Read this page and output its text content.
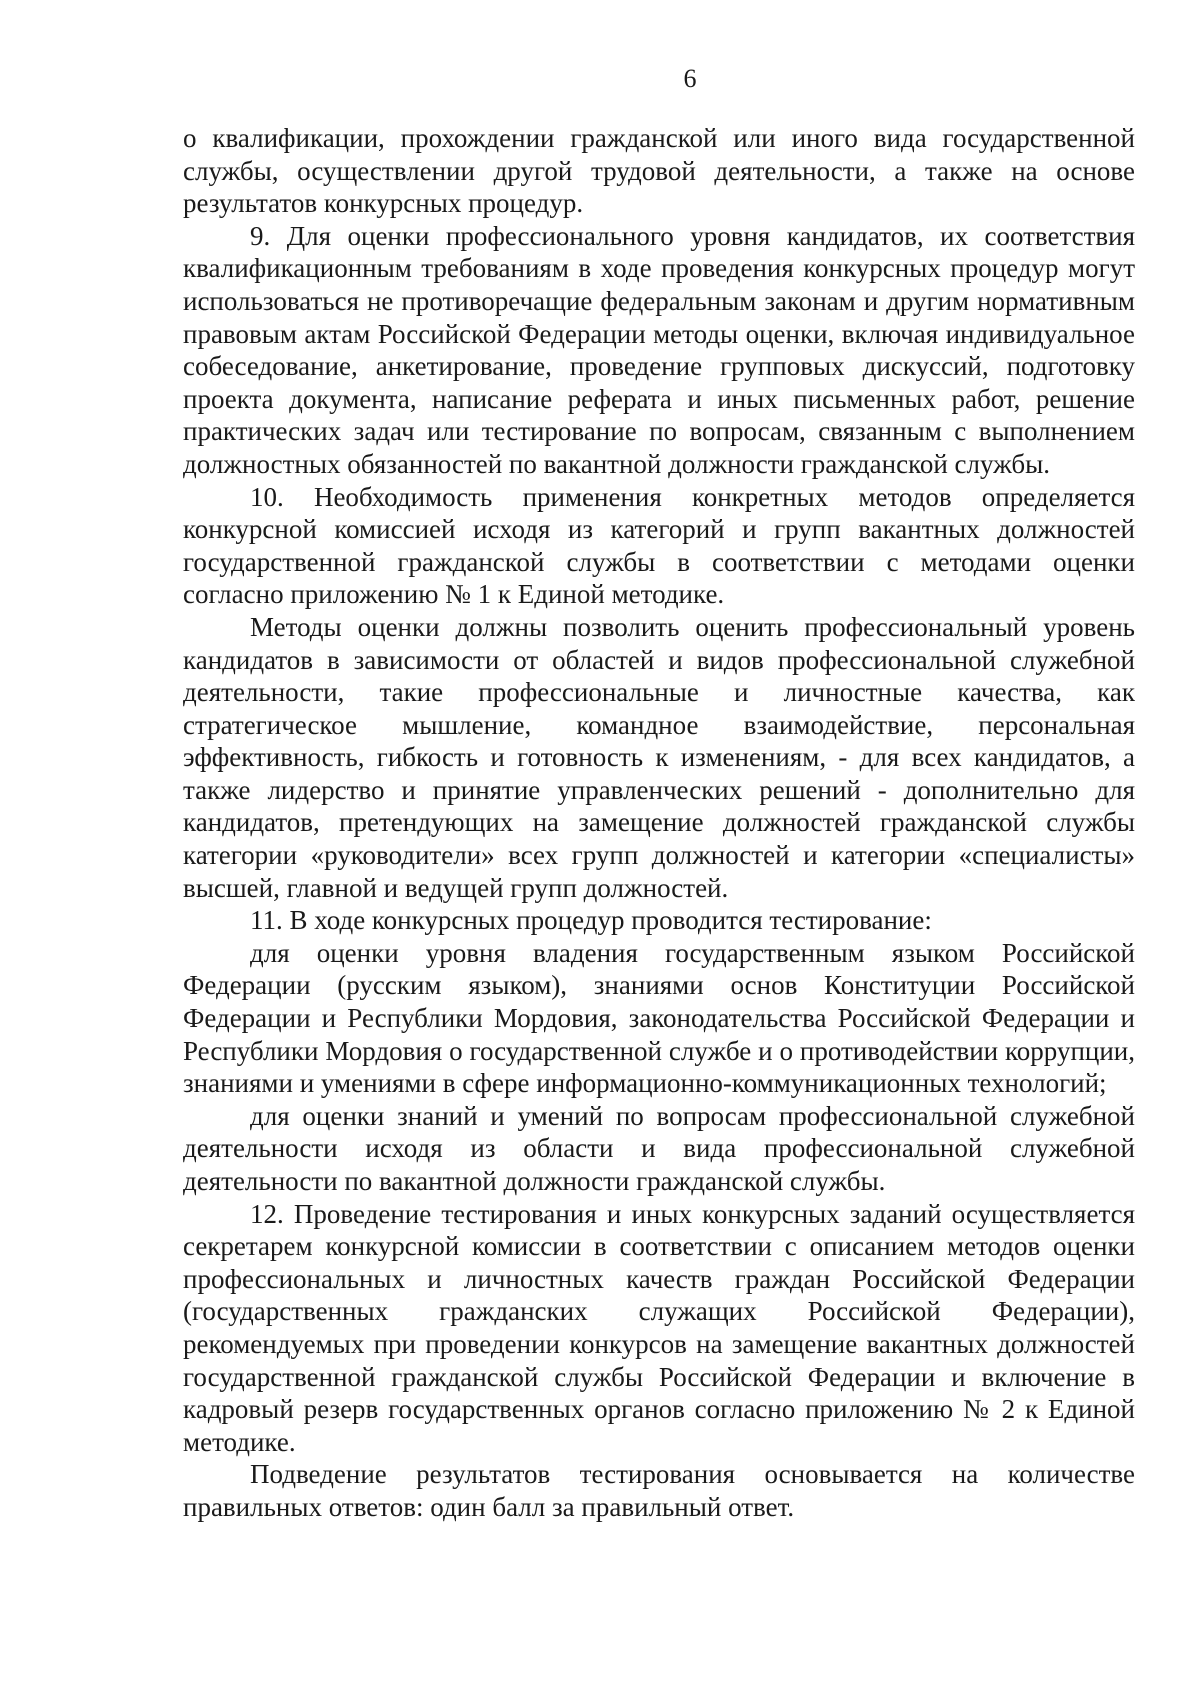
6

о квалификации, прохождении гражданской или иного вида государственной службы, осуществлении другой трудовой деятельности, а также на основе результатов конкурсных процедур.

9. Для оценки профессионального уровня кандидатов, их соответствия квалификационным требованиям в ходе проведения конкурсных процедур могут использоваться не противоречащие федеральным законам и другим нормативным правовым актам Российской Федерации методы оценки, включая индивидуальное собеседование, анкетирование, проведение групповых дискуссий, подготовку проекта документа, написание реферата и иных письменных работ, решение практических задач или тестирование по вопросам, связанным с выполнением должностных обязанностей по вакантной должности гражданской службы.

10. Необходимость применения конкретных методов определяется конкурсной комиссией исходя из категорий и групп вакантных должностей государственной гражданской службы в соответствии с методами оценки согласно приложению № 1 к Единой методике.

Методы оценки должны позволить оценить профессиональный уровень кандидатов в зависимости от областей и видов профессиональной служебной деятельности, такие профессиональные и личностные качества, как стратегическое мышление, командное взаимодействие, персональная эффективность, гибкость и готовность к изменениям, - для всех кандидатов, а также лидерство и принятие управленческих решений - дополнительно для кандидатов, претендующих на замещение должностей гражданской службы категории «руководители» всех групп должностей и категории «специалисты» высшей, главной и ведущей групп должностей.

11. В ходе конкурсных процедур проводится тестирование:

для оценки уровня владения государственным языком Российской Федерации (русским языком), знаниями основ Конституции Российской Федерации и Республики Мордовия, законодательства Российской Федерации и Республики Мордовия о государственной службе и о противодействии коррупции, знаниями и умениями в сфере информационно-коммуникационных технологий;

для оценки знаний и умений по вопросам профессиональной служебной деятельности исходя из области и вида профессиональной служебной деятельности по вакантной должности гражданской службы.

12. Проведение тестирования и иных конкурсных заданий осуществляется секретарем конкурсной комиссии в соответствии с описанием методов оценки профессиональных и личностных качеств граждан Российской Федерации (государственных гражданских служащих Российской Федерации), рекомендуемых при проведении конкурсов на замещение вакантных должностей государственной гражданской службы Российской Федерации и включение в кадровый резерв государственных органов согласно приложению № 2 к Единой методике.

Подведение результатов тестирования основывается на количестве правильных ответов: один балл за правильный ответ.
